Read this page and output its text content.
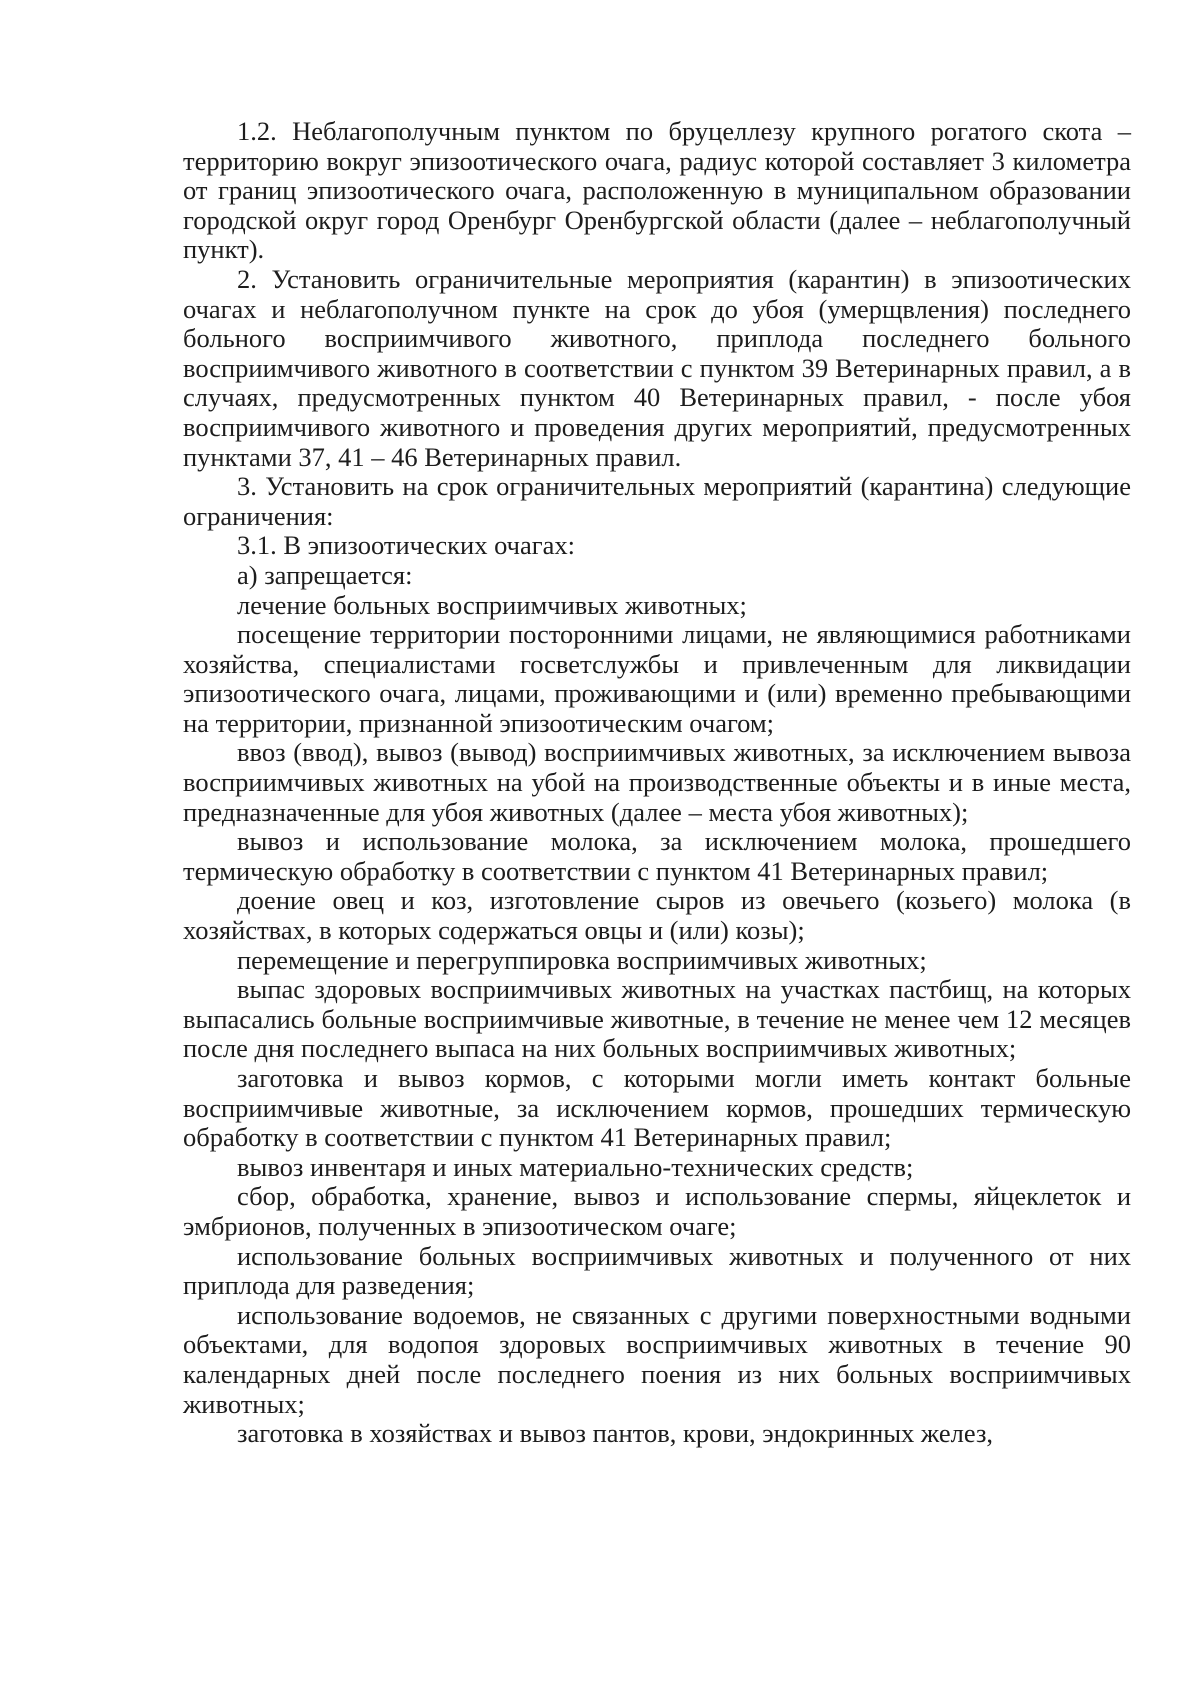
1.2. Неблагополучным пунктом по бруцеллезу крупного рогатого скота – территорию вокруг эпизоотического очага, радиус которой составляет 3 километра от границ эпизоотического очага, расположенную в муниципальном образовании городской округ город Оренбург Оренбургской области (далее – неблагополучный пункт).

2. Установить ограничительные мероприятия (карантин) в эпизоотических очагах и неблагополучном пункте на срок до убоя (умерщвления) последнего больного восприимчивого животного, приплода последнего больного восприимчивого животного в соответствии с пунктом 39 Ветеринарных правил, а в случаях, предусмотренных пунктом 40 Ветеринарных правил, - после убоя восприимчивого животного и проведения других мероприятий, предусмотренных пунктами 37, 41 – 46 Ветеринарных правил.

3. Установить на срок ограничительных мероприятий (карантина) следующие ограничения:

3.1. В эпизоотических очагах:

а) запрещается:

лечение больных восприимчивых животных;

посещение территории посторонними лицами, не являющимися работниками хозяйства, специалистами госветслужбы и привлеченным для ликвидации эпизоотического очага, лицами, проживающими и (или) временно пребывающими на территории, признанной эпизоотическим очагом;

ввоз (ввод), вывоз (вывод) восприимчивых животных, за исключением вывоза восприимчивых животных на убой на производственные объекты и в иные места, предназначенные для убоя животных (далее – места убоя животных);

вывоз и использование молока, за исключением молока, прошедшего термическую обработку в соответствии с пунктом 41 Ветеринарных правил;

доение овец и коз, изготовление сыров из овечьего (козьего) молока (в хозяйствах, в которых содержаться овцы и (или) козы);

перемещение и перегруппировка восприимчивых животных;

выпас здоровых восприимчивых животных на участках пастбищ, на которых выпасались больные восприимчивые животные, в течение не менее чем 12 месяцев после дня последнего выпаса на них больных восприимчивых животных;

заготовка и вывоз кормов, с которыми могли иметь контакт больные восприимчивые животные, за исключением кормов, прошедших термическую обработку в соответствии с пунктом 41 Ветеринарных правил;

вывоз инвентаря и иных материально-технических средств;

сбор, обработка, хранение, вывоз и использование спермы, яйцеклеток и эмбрионов, полученных в эпизоотическом очаге;

использование больных восприимчивых животных и полученного от них приплода для разведения;

использование водоемов, не связанных с другими поверхностными водными объектами, для водопоя здоровых восприимчивых животных в течение 90 календарных дней после последнего поения из них больных восприимчивых животных;

заготовка в хозяйствах и вывоз пантов, крови, эндокринных желез,
